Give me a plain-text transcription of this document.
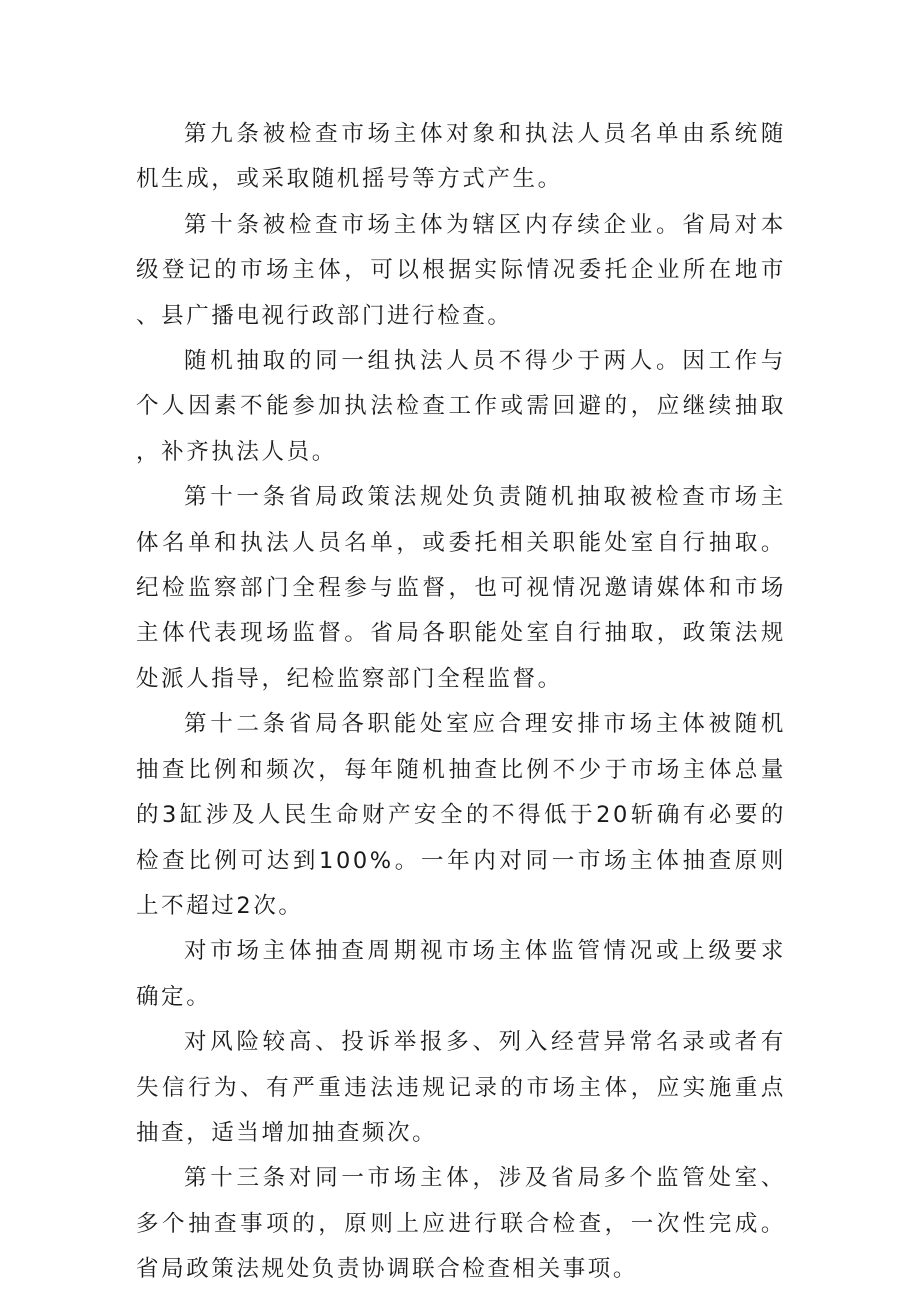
第九条被检查市场主体对象和执法人员名单由系统随机生成，或采取随机摇号等方式产生。

第十条被检查市场主体为辖区内存续企业。省局对本级登记的市场主体，可以根据实际情况委托企业所在地市、县广播电视行政部门进行检查。

随机抽取的同一组执法人员不得少于两人。因工作与个人因素不能参加执法检查工作或需回避的，应继续抽取，补齐执法人员。

第十一条省局政策法规处负责随机抽取被检查市场主体名单和执法人员名单，或委托相关职能处室自行抽取。纪检监察部门全程参与监督，也可视情况邀请媒体和市场主体代表现场监督。省局各职能处室自行抽取，政策法规处派人指导，纪检监察部门全程监督。

第十二条省局各职能处室应合理安排市场主体被随机抽查比例和频次，每年随机抽查比例不少于市场主体总量的3缸涉及人民生命财产安全的不得低于20斩确有必要的检查比例可达到100%。一年内对同一市场主体抽查原则上不超过2次。

对市场主体抽查周期视市场主体监管情况或上级要求确定。

对风险较高、投诉举报多、列入经营异常名录或者有失信行为、有严重违法违规记录的市场主体，应实施重点抽查，适当增加抽查频次。

第十三条对同一市场主体，涉及省局多个监管处室、多个抽查事项的，原则上应进行联合检查，一次性完成。省局政策法规处负责协调联合检查相关事项。
